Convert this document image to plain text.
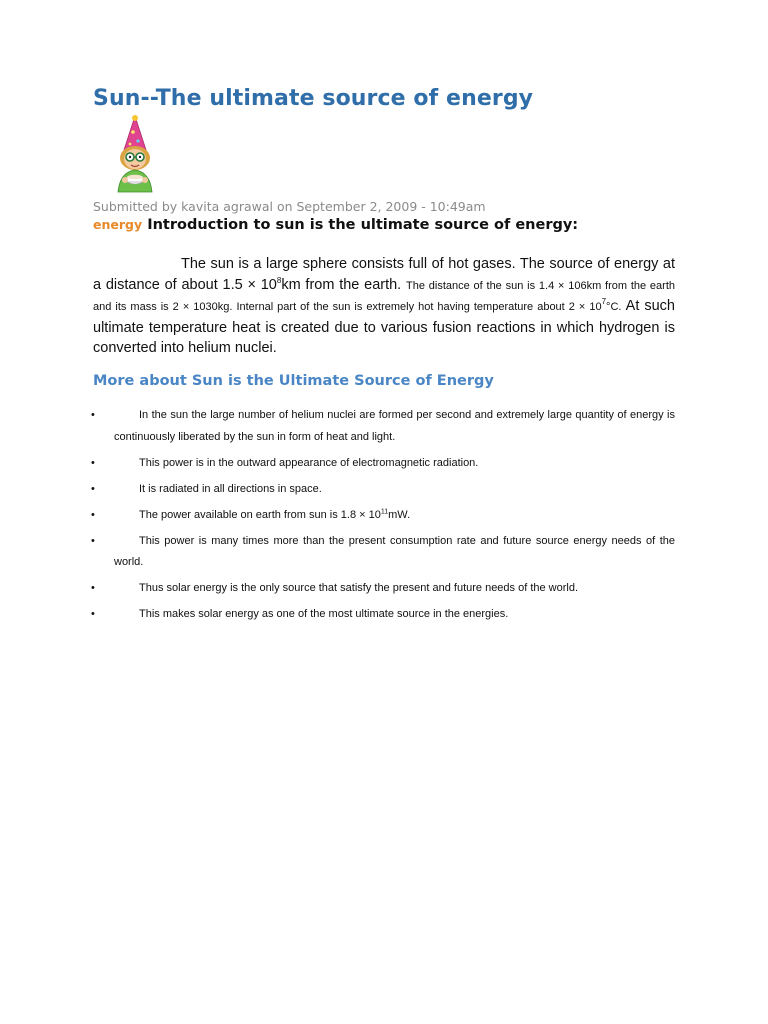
Sun--The ultimate source of energy
Submitted by kavita agrawal on September 2, 2009 - 10:49am
energy Introduction to sun is the ultimate source of energy:

The sun is a large sphere consists full of hot gases. The source of energy at a distance of about $1.5 \times 10^8km$ from the earth. The distance of the sun is 1.4 × 106km from the earth and its mass is 2 × 1030kg. Internal part of the sun is extremely hot having temperature about $2 \times 10^7^\circ C$. At such ultimate temperature heat is created due to various fusion reactions in which hydrogen is converted into helium nuclei.

More about Sun is the Ultimate Source of Energy
•	In the sun the large number of helium nuclei are formed per second and extremely large quantity of energy is continuously liberated by the sun in form of heat and light.
•	This power is in the outward appearance of electromagnetic radiation.
•	It is radiated in all directions in space.
•	The power available on earth from sun is $1.8 \times 10^{11}mW$.
•	This power is many times more than the present consumption rate and future source energy needs of the world.
•	Thus solar energy is the only source that satisfy the present and future needs of the world.
•	This makes solar energy as one of the most ultimate source in the energies.
